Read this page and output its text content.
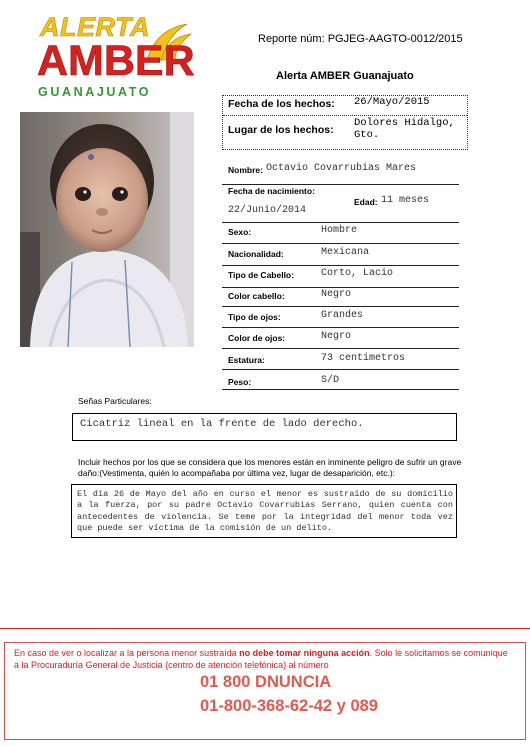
ALERTA
AMBER
GUANAJUATO
Reporte núm: PGJEG-AAGTO-0012/2015
Alerta AMBER Guanajuato
Fecha de los hechos: 26/Mayo/2015
Lugar de los hechos:
Dolores Hidalgo,
Gto.
Nombre: Octavio Covarrubias Mares
Fecha de nacimiento:
22/Junio/2014
Edad: 11 meses
Sexo:	Hombre
Nacionalidad:	Mexicana
Tipo de Cabello:	Corto, Lacio
Color cabello:	Negro
Tipo de ojos:	Grandes
Color de ojos:	Negro
Estatura:	73 centimetros
Peso:	S/D
Señas Particulares:
Cicatriz lineal en la frente de lado derecho.
Incluir hechos por los que se considera que los menores están en inminente peligro de sufrir un grave daño:(Vestimenta, quién lo acompañaba por última vez, lugar de desaparición, etc.):
El día 26 de Mayo del año en curso el menor es sustraído de su domicilio a la fuerza, por su padre Octavio Covarrubias Serrano, quien cuenta con antecedentes de violencia. Se teme por la integridad del menor toda vez que puede ser víctima de la comisión de un delito.
En caso de ver o localizar a la persona menor sustraída no debe tomar ninguna acción. Solo le solicitamos se comunique a la Procuraduría General de Justicia (centro de atención telefónica) al número
01 800 DNUNCIA
01-800-368-62-42 y 089
